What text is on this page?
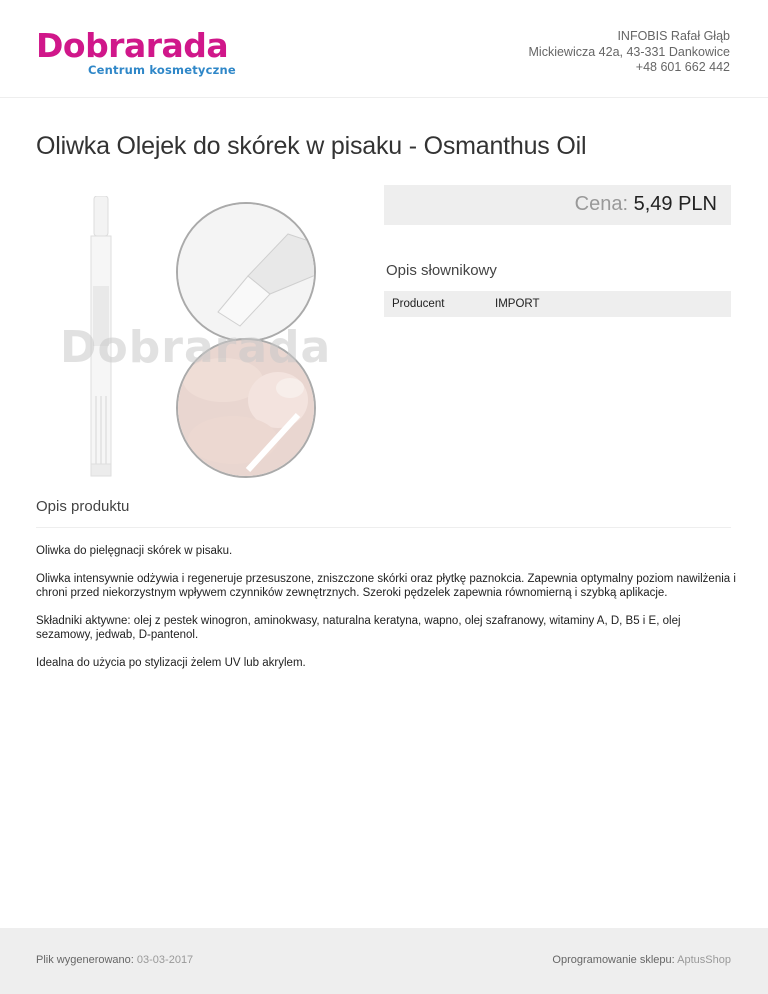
Dobrarada
Centrum kosmetyczne
INFOBIS Rafał Głąb
Mickiewicza 42a, 43-331 Dankowice
+48 601 662 442
Oliwka Olejek do skórek w pisaku - Osmanthus Oil
Dobrarada
Cena: 5,49 PLN
Opis słownikowy
Producent	IMPORT
Opis produktu

Oliwka do pielęgnacji skórek w pisaku.

Oliwka intensywnie odżywia i regeneruje przesuszone, zniszczone skórki oraz płytkę paznokcia. Zapewnia optymalny poziom nawilżenia i chroni przed niekorzystnym wpływem czynników zewnętrznych. Szeroki pędzelek zapewnia równomierną i szybką aplikacje.

Składniki aktywne: olej z pestek winogron, aminokwasy, naturalna keratyna, wapno, olej szafranowy, witaminy A, D, B5 i E, olej sezamowy, jedwab, D-pantenol.

Idealna do użycia po stylizacji żelem UV lub akrylem.

Plik wygenerowano: 03-03-2017	Oprogramowanie sklepu: AptusShop
